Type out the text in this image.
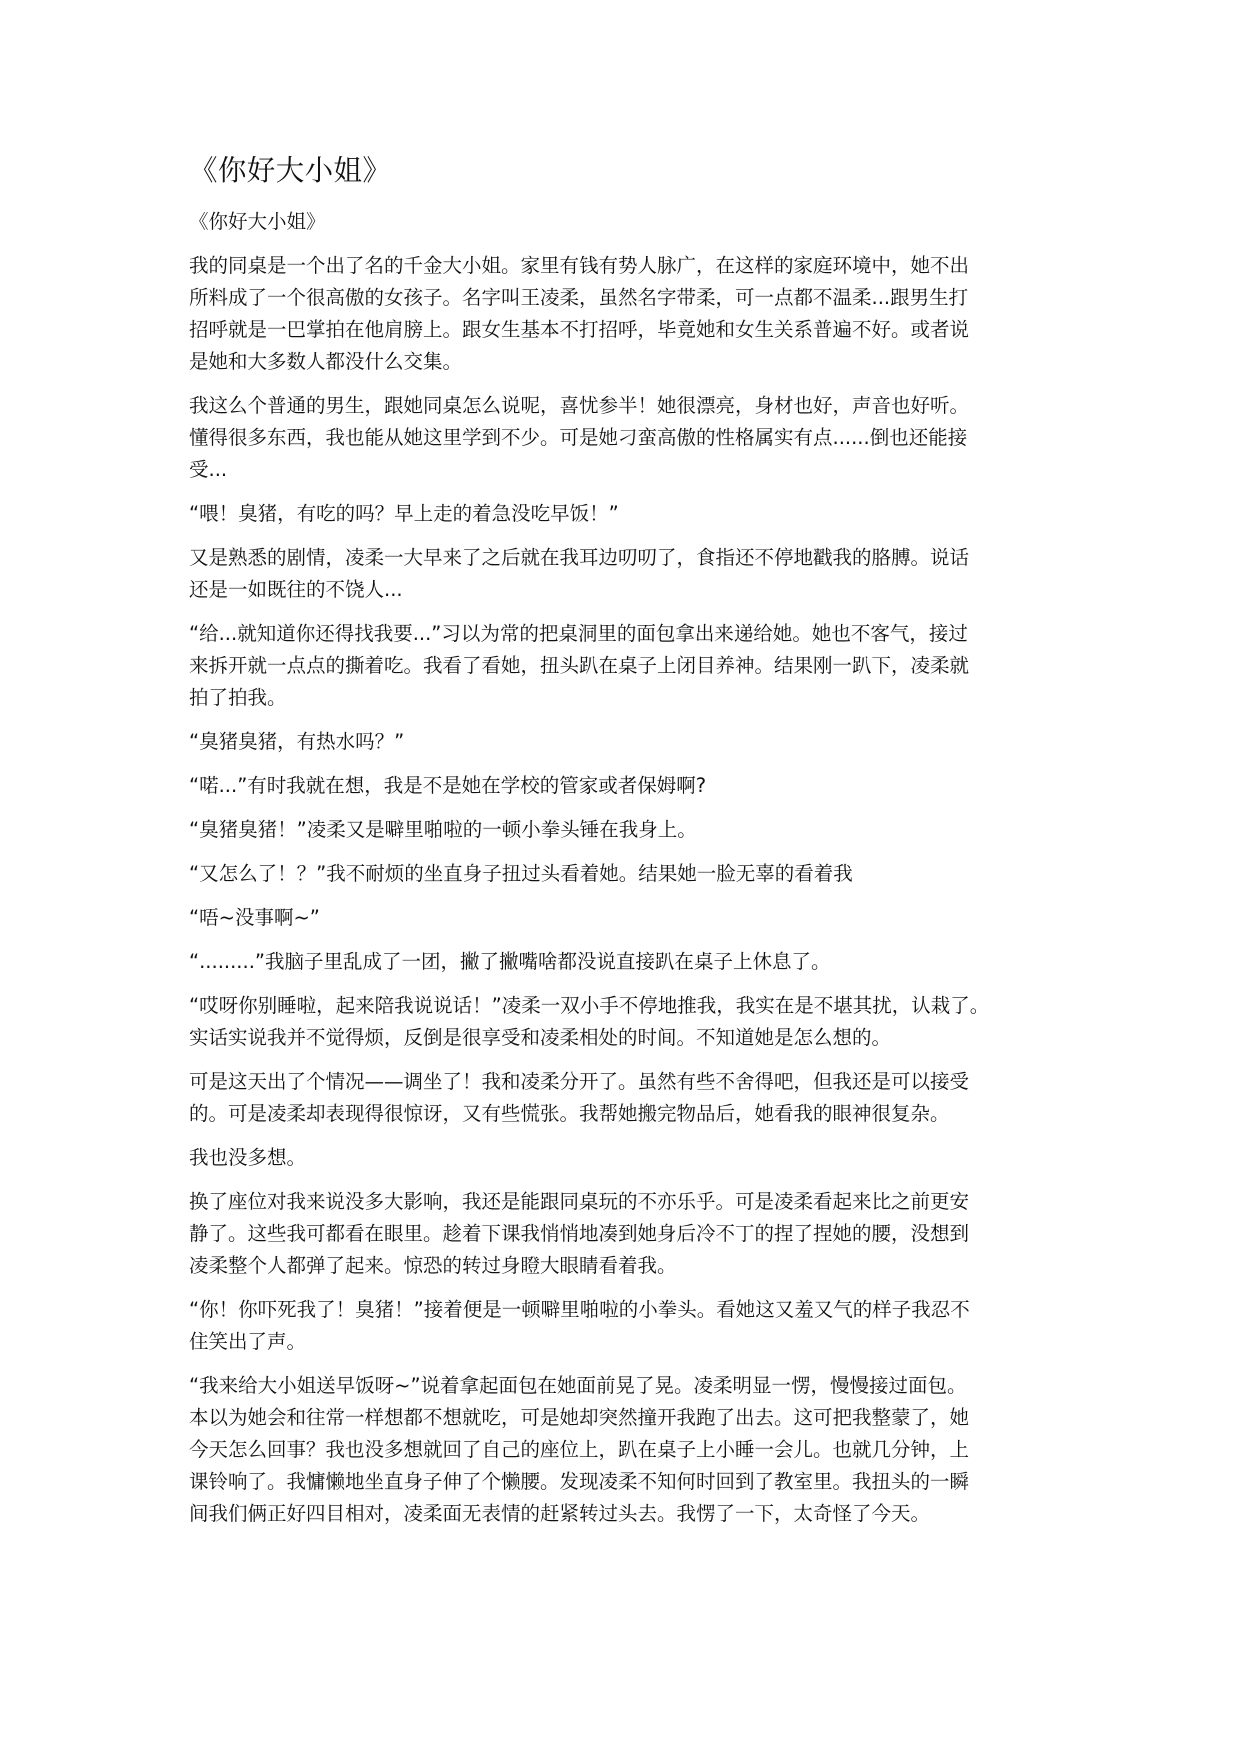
《你好大小姐》
《你好大小姐》

我的同桌是一个出了名的千金大小姐。家里有钱有势人脉广，在这样的家庭环境中，她不出
所料成了一个很高傲的女孩子。名字叫王凌柔，虽然名字带柔，可一点都不温柔...跟男生打
招呼就是一巴掌拍在他肩膀上。跟女生基本不打招呼，毕竟她和女生关系普遍不好。或者说
是她和大多数人都没什么交集。

我这么个普通的男生，跟她同桌怎么说呢，喜忧参半！她很漂亮，身材也好，声音也好听。
懂得很多东西，我也能从她这里学到不少。可是她刁蛮高傲的性格属实有点......倒也还能接
受...

“喂！臭猪，有吃的吗？早上走的着急没吃早饭！”

又是熟悉的剧情，凌柔一大早来了之后就在我耳边叨叨了，食指还不停地戳我的胳膊。说话
还是一如既往的不饶人...

“给...就知道你还得找我要...”习以为常的把桌洞里的面包拿出来递给她。她也不客气，接过
来拆开就一点点的撕着吃。我看了看她，扭头趴在桌子上闭目养神。结果刚一趴下，凌柔就
拍了拍我。

“臭猪臭猪，有热水吗？”

“喏...”有时我就在想，我是不是她在学校的管家或者保姆啊?

“臭猪臭猪！”凌柔又是噼里啪啦的一顿小拳头锤在我身上。

“又怎么了！？”我不耐烦的坐直身子扭过头看着她。结果她一脸无辜的看着我

“唔~没事啊~”

“.........”我脑子里乱成了一团，撇了撇嘴啥都没说直接趴在桌子上休息了。

“哎呀你别睡啦，起来陪我说说话！”凌柔一双小手不停地推我，我实在是不堪其扰，认栽了。
实话实说我并不觉得烦，反倒是很享受和凌柔相处的时间。不知道她是怎么想的。

可是这天出了个情况——调坐了！我和凌柔分开了。虽然有些不舍得吧，但我还是可以接受
的。可是凌柔却表现得很惊讶，又有些慌张。我帮她搬完物品后，她看我的眼神很复杂。

我也没多想。

换了座位对我来说没多大影响，我还是能跟同桌玩的不亦乐乎。可是凌柔看起来比之前更安
静了。这些我可都看在眼里。趁着下课我悄悄地凑到她身后冷不丁的捏了捏她的腰，没想到
凌柔整个人都弹了起来。惊恐的转过身瞪大眼睛看着我。

“你！你吓死我了！臭猪！”接着便是一顿噼里啪啦的小拳头。看她这又羞又气的样子我忍不
住笑出了声。

“我来给大小姐送早饭呀~”说着拿起面包在她面前晃了晃。凌柔明显一愣，慢慢接过面包。
本以为她会和往常一样想都不想就吃，可是她却突然撞开我跑了出去。这可把我整蒙了，她
今天怎么回事？我也没多想就回了自己的座位上，趴在桌子上小睡一会儿。也就几分钟，上
课铃响了。我慵懒地坐直身子伸了个懒腰。发现凌柔不知何时回到了教室里。我扭头的一瞬
间我们俩正好四目相对，凌柔面无表情的赶紧转过头去。我愣了一下，太奇怪了今天。
